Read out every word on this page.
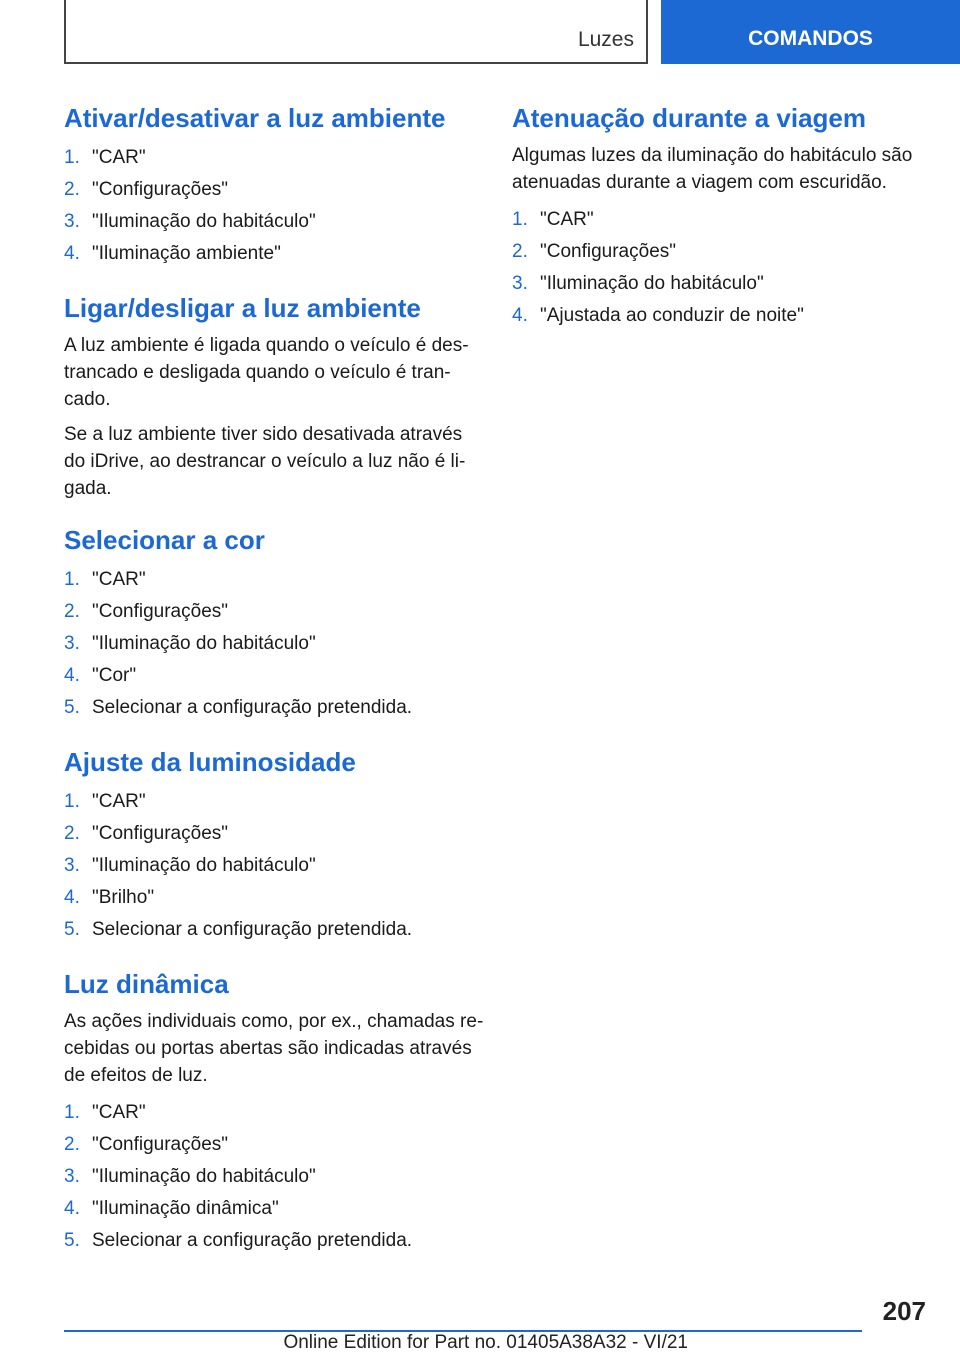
Luzes	COMANDOS
Ativar/desativar a luz ambiente
1. "CAR"
2. "Configurações"
3. "Iluminação do habitáculo"
4. "Iluminação ambiente"
Ligar/desligar a luz ambiente

A luz ambiente é ligada quando o veículo é destrancado e desligada quando o veículo é trancado.

Se a luz ambiente tiver sido desativada através do iDrive, ao destrancar o veículo a luz não é ligada.

Selecionar a cor
1. "CAR"
2. "Configurações"
3. "Iluminação do habitáculo"
4. "Cor"
5. Selecionar a configuração pretendida.
Ajuste da luminosidade
1. "CAR"
2. "Configurações"
3. "Iluminação do habitáculo"
4. "Brilho"
5. Selecionar a configuração pretendida.
Luz dinâmica

As ações individuais como, por ex., chamadas recebidas ou portas abertas são indicadas através de efeitos de luz.

1. "CAR"
2. "Configurações"
3. "Iluminação do habitáculo"
4. "Iluminação dinâmica"
5. Selecionar a configuração pretendida.
Atenuação durante a viagem

Algumas luzes da iluminação do habitáculo são atenuadas durante a viagem com escuridão.

1. "CAR"
2. "Configurações"
3. "Iluminação do habitáculo"
4. "Ajustada ao conduzir de noite"
207
Online Edition for Part no. 01405A38A32 - VI/21
